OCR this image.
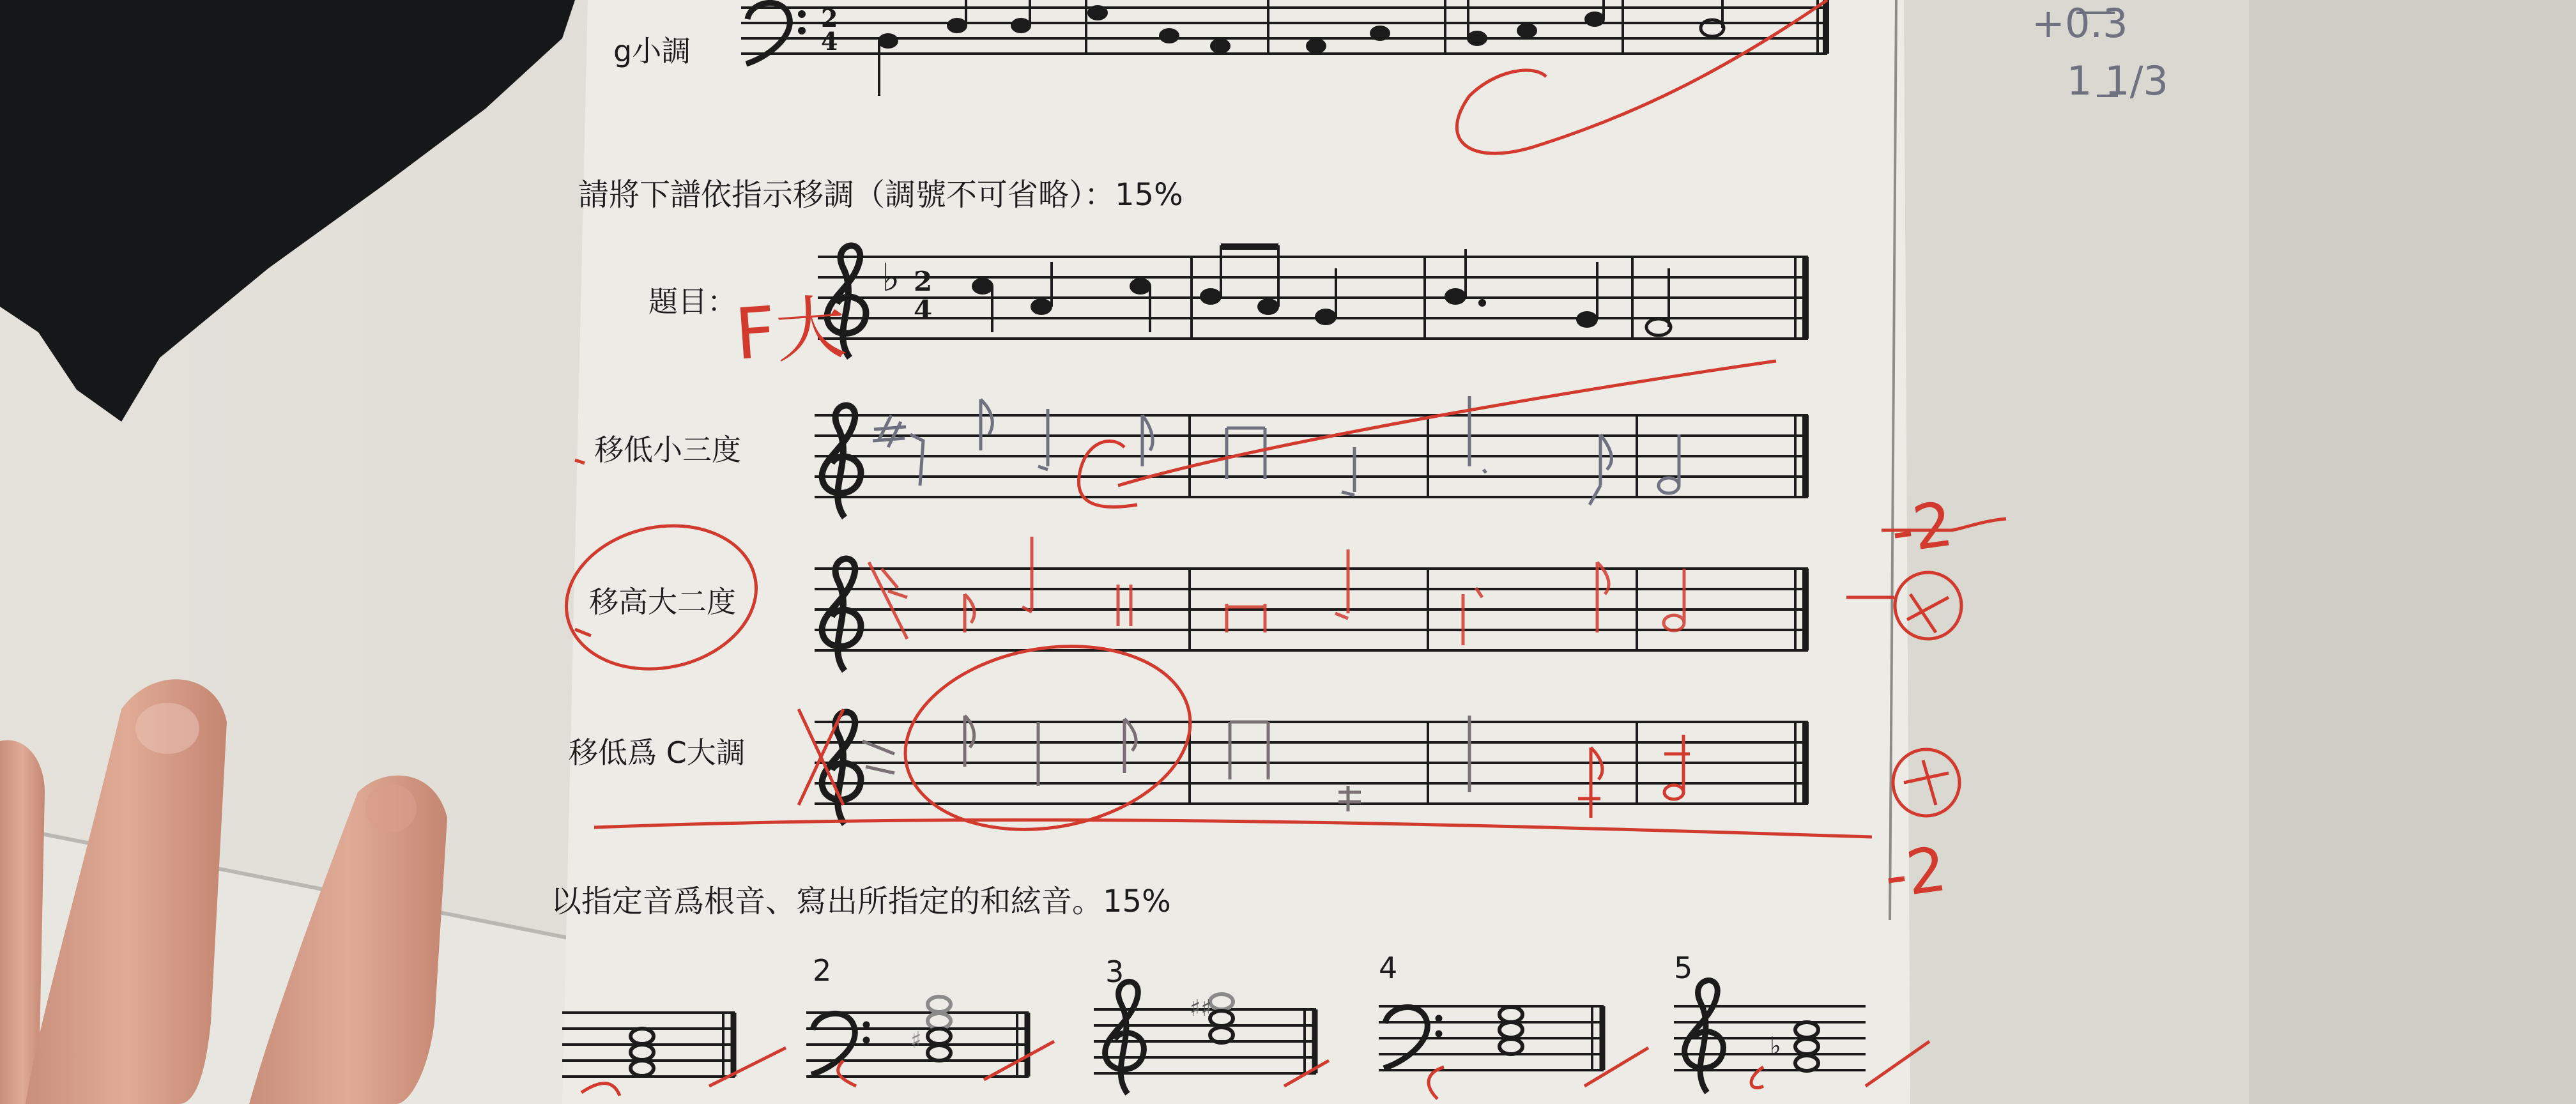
2
4
♭ 2
4
♯
♯♯
♭
g小調
請將下譜依指示移調（調號不可省略）：15%
題目：
移低小三度
移高大二度
移低爲 C大調
以指定音爲根音、寫出所指定的和絃音。15%
2	3	4	5
F大
-2
-2
+0.3
1 1/3
